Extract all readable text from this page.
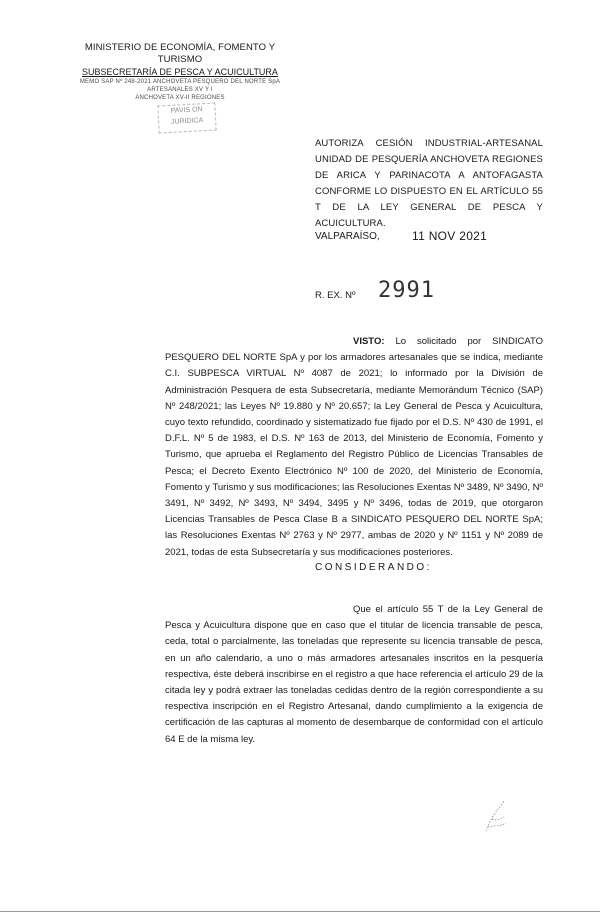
MINISTERIO DE ECONOMÍA, FOMENTO Y TURISMO
SUBSECRETARÍA DE PESCA Y ACUICULTURA
MEMO SAP Nº 248-2021 ANCHOVETA PESQUERO DEL NORTE SpA
ARTESANALES XV Y I
ANCHOVETA XV-II REGIONES
PAVIS ON
JURIDICA
AUTORIZA CESIÓN INDUSTRIAL-ARTESANAL UNIDAD DE PESQUERÍA ANCHOVETA REGIONES DE ARICA Y PARINACOTA A ANTOFAGASTA CONFORME LO DISPUESTO EN EL ARTÍCULO 55 T DE LA LEY GENERAL DE PESCA Y ACUICULTURA.
VALPARAÍSO,	11 NOV 2021
R. EX. Nº 2991
VISTO: Lo solicitado por SINDICATO PESQUERO DEL NORTE SpA y por los armadores artesanales que se indica, mediante C.I. SUBPESCA VIRTUAL Nº 4087 de 2021; lo informado por la División de Administración Pesquera de esta Subsecretaría, mediante Memorándum Técnico (SAP) Nº 248/2021; las Leyes Nº 19.880 y Nº 20.657; la Ley General de Pesca y Acuicultura, cuyo texto refundido, coordinado y sistematizado fue fijado por el D.S. Nº 430 de 1991, el D.F.L. Nº 5 de 1983, el D.S. Nº 163 de 2013, del Ministerio de Economía, Fomento y Turismo, que aprueba el Reglamento del Registro Público de Licencias Transables de Pesca; el Decreto Exento Electrónico Nº 100 de 2020, del Ministerio de Economía, Fomento y Turismo y sus modificaciones; las Resoluciones Exentas Nº 3489, Nº 3490, Nº 3491, Nº 3492, Nº 3493, Nº 3494, 3495 y Nº 3496, todas de 2019, que otorgaron Licencias Transables de Pesca Clase B a SINDICATO PESQUERO DEL NORTE SpA; las Resoluciones Exentas Nº 2763 y Nº 2977, ambas de 2020 y Nº 1151 y Nº 2089 de 2021, todas de esta Subsecretaría y sus modificaciones posteriores.
CONSIDERANDO:
Que el artículo 55 T de la Ley General de Pesca y Acuicultura dispone que en caso que el titular de licencia transable de pesca, ceda, total o parcialmente, las toneladas que represente su licencia transable de pesca, en un año calendario, a uno o más armadores artesanales inscritos en la pesquería respectiva, éste deberá inscribirse en el registro a que hace referencia el artículo 29 de la citada ley y podrá extraer las toneladas cedidas dentro de la región correspondiente a su respectiva inscripción en el Registro Artesanal, dando cumplimiento a la exigencia de certificación de las capturas al momento de desembarque de conformidad con el artículo 64 E de la misma ley.
